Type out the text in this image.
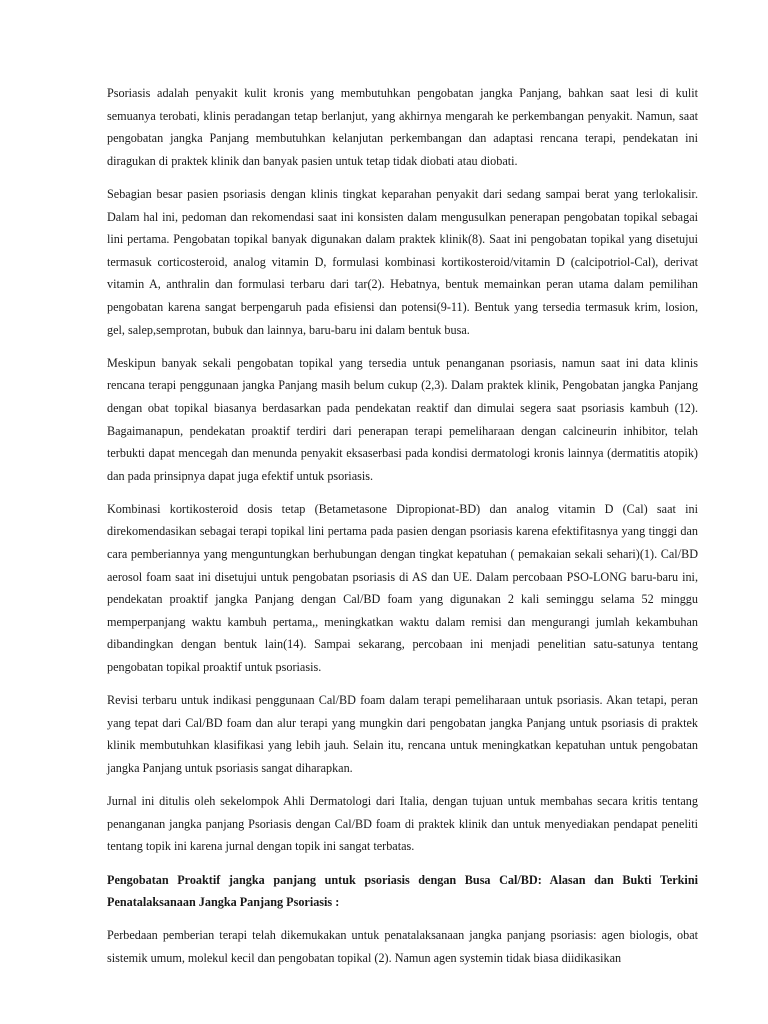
Psoriasis adalah penyakit kulit kronis yang membutuhkan pengobatan jangka Panjang, bahkan saat lesi di kulit semuanya terobati, klinis peradangan tetap berlanjut, yang akhirnya mengarah ke perkembangan penyakit. Namun, saat pengobatan jangka Panjang membutuhkan kelanjutan perkembangan dan adaptasi rencana terapi, pendekatan ini diragukan di praktek klinik dan banyak pasien untuk tetap tidak diobati atau diobati.

Sebagian besar pasien psoriasis dengan klinis tingkat keparahan penyakit dari sedang sampai berat yang terlokalisir. Dalam hal ini, pedoman dan rekomendasi saat ini konsisten dalam mengusulkan penerapan pengobatan topikal sebagai lini pertama. Pengobatan topikal banyak digunakan dalam praktek klinik(8). Saat ini pengobatan topikal yang disetujui termasuk corticosteroid, analog vitamin D, formulasi kombinasi kortikosteroid/vitamin D (calcipotriol-Cal), derivat vitamin A, anthralin dan formulasi terbaru dari tar(2). Hebatnya, bentuk memainkan peran utama dalam pemilihan pengobatan karena sangat berpengaruh pada efisiensi dan potensi(9-11). Bentuk yang tersedia termasuk krim, losion, gel, salep,semprotan, bubuk dan lainnya, baru-baru ini dalam bentuk busa.

Meskipun banyak sekali pengobatan topikal yang tersedia untuk penanganan psoriasis, namun saat ini data klinis rencana terapi penggunaan jangka Panjang masih belum cukup (2,3). Dalam praktek klinik, Pengobatan jangka Panjang dengan obat topikal biasanya berdasarkan pada pendekatan reaktif dan dimulai segera saat psoriasis kambuh (12). Bagaimanapun, pendekatan proaktif terdiri dari penerapan terapi pemeliharaan dengan calcineurin inhibitor, telah terbukti dapat mencegah dan menunda penyakit eksaserbasi pada kondisi dermatologi kronis lainnya (dermatitis atopik) dan pada prinsipnya dapat juga efektif untuk psoriasis.

Kombinasi kortikosteroid dosis tetap (Betametasone Dipropionat-BD) dan analog vitamin D (Cal) saat ini direkomendasikan sebagai terapi topikal lini pertama pada pasien dengan psoriasis karena efektifitasnya yang tinggi dan cara pemberiannya yang menguntungkan berhubungan dengan tingkat kepatuhan ( pemakaian sekali sehari)(1). Cal/BD aerosol foam saat ini disetujui untuk pengobatan psoriasis di AS dan UE. Dalam percobaan PSO-LONG baru-baru ini, pendekatan proaktif jangka Panjang dengan Cal/BD foam yang digunakan 2 kali seminggu selama 52 minggu memperpanjang waktu kambuh pertama,, meningkatkan waktu dalam remisi dan mengurangi jumlah kekambuhan dibandingkan dengan bentuk lain(14). Sampai sekarang, percobaan ini menjadi penelitian satu-satunya tentang pengobatan topikal proaktif untuk psoriasis.

Revisi terbaru untuk indikasi penggunaan Cal/BD foam dalam terapi pemeliharaan untuk psoriasis. Akan tetapi, peran yang tepat dari Cal/BD foam dan alur terapi yang mungkin dari pengobatan jangka Panjang untuk psoriasis di praktek klinik membutuhkan klasifikasi yang lebih jauh. Selain itu, rencana untuk meningkatkan kepatuhan untuk pengobatan jangka Panjang untuk psoriasis sangat diharapkan.

Jurnal ini ditulis oleh sekelompok Ahli Dermatologi dari Italia, dengan tujuan untuk membahas secara kritis tentang penanganan jangka panjang Psoriasis dengan Cal/BD foam di praktek klinik dan untuk menyediakan pendapat peneliti tentang topik ini karena jurnal dengan topik ini sangat terbatas.

Pengobatan Proaktif jangka panjang untuk psoriasis dengan Busa Cal/BD: Alasan dan Bukti Terkini Penatalaksanaan Jangka Panjang Psoriasis :

Perbedaan pemberian terapi telah dikemukakan untuk penatalaksanaan jangka panjang psoriasis: agen biologis, obat sistemik umum, molekul kecil dan pengobatan topikal (2). Namun agen systemin tidak biasa diidikasikan
